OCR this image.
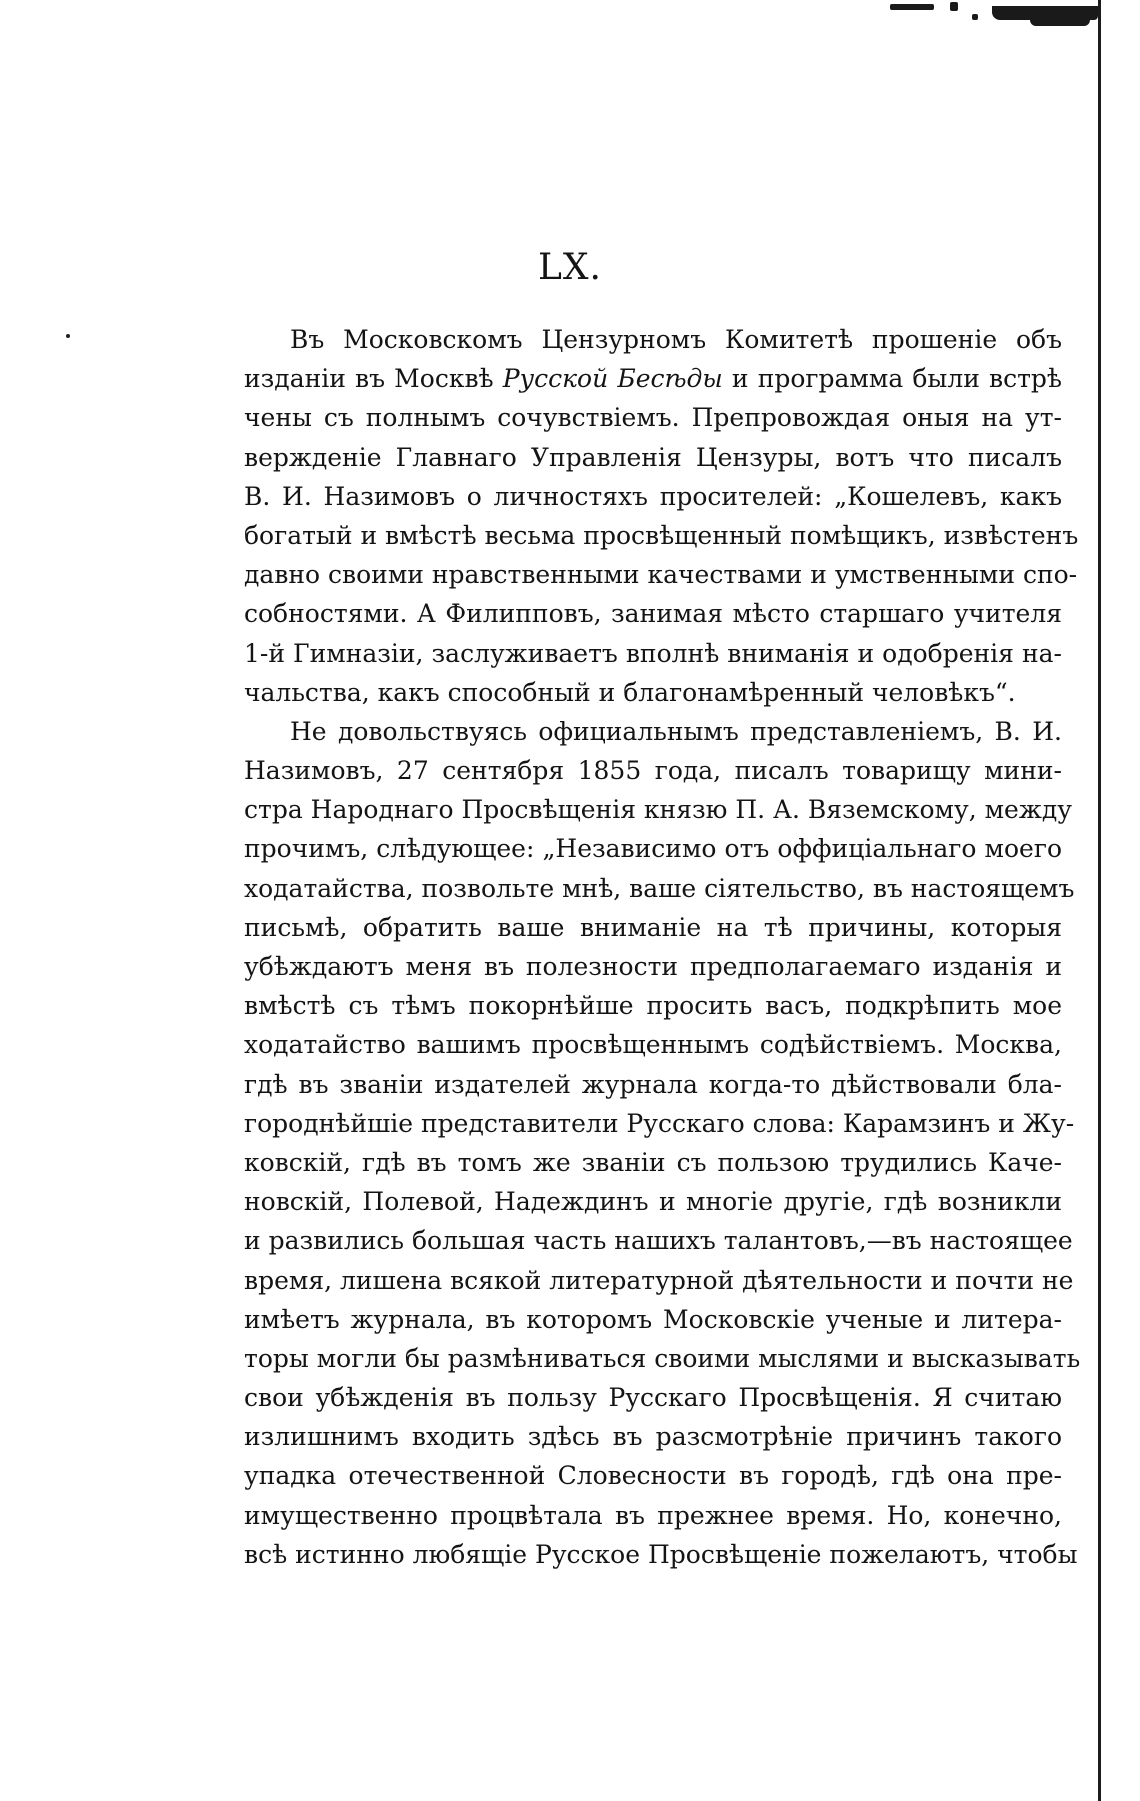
LX.
Въ Московскомъ Цензурномъ Комитетѣ прошеніе объ
изданіи въ Москвѣ Русской Бесѣды и программа были встрѣ
чены съ полнымъ сочувствіемъ. Препровождая оныя на ут-
вержденіе Главнаго Управленія Цензуры, вотъ что писалъ
В. И. Назимовъ о личностяхъ просителей: „Кошелевъ, какъ
богатый и вмѣстѣ весьма просвѣщенный помѣщикъ, извѣстенъ
давно своими нравственными качествами и умственными спо-
собностями. А Филипповъ, занимая мѣсто старшаго учителя
1-й Гимназіи, заслуживаетъ вполнѣ вниманія и одобренія на-
чальства, какъ способный и благонамѣренный человѣкъ“.
Не довольствуясь официальнымъ представленіемъ, В. И.
Назимовъ, 27 сентября 1855 года, писалъ товарищу мини-
стра Народнаго Просвѣщенія князю П. А. Вяземскому, между
прочимъ, слѣдующее: „Независимо отъ оффиціальнаго моего
ходатайства, позвольте мнѣ, ваше сіятельство, въ настоящемъ
письмѣ, обратить ваше вниманіе на тѣ причины, которыя
убѣждаютъ меня въ полезности предполагаемаго изданія и
вмѣстѣ съ тѣмъ покорнѣйше просить васъ, подкрѣпить мое
ходатайство вашимъ просвѣщеннымъ содѣйствіемъ. Москва,
гдѣ въ званіи издателей журнала когда-то дѣйствовали бла-
городнѣйшіе представители Русскаго слова: Карамзинъ и Жу-
ковскій, гдѣ въ томъ же званіи съ пользою трудились Каче-
новскій, Полевой, Надеждинъ и многіе другіе, гдѣ возникли
и развились большая часть нашихъ талантовъ,—въ настоящее
время, лишена всякой литературной дѣятельности и почти не
имѣетъ журнала, въ которомъ Московскіе ученые и литера-
торы могли бы размѣниваться своими мыслями и высказывать
свои убѣжденія въ пользу Русскаго Просвѣщенія. Я считаю
излишнимъ входить здѣсь въ разсмотрѣніе причинъ такого
упадка отечественной Словесности въ городѣ, гдѣ она пре-
имущественно процвѣтала въ прежнее время. Но, конечно,
всѣ истинно любящіе Русское Просвѣщеніе пожелаютъ, чтобы
